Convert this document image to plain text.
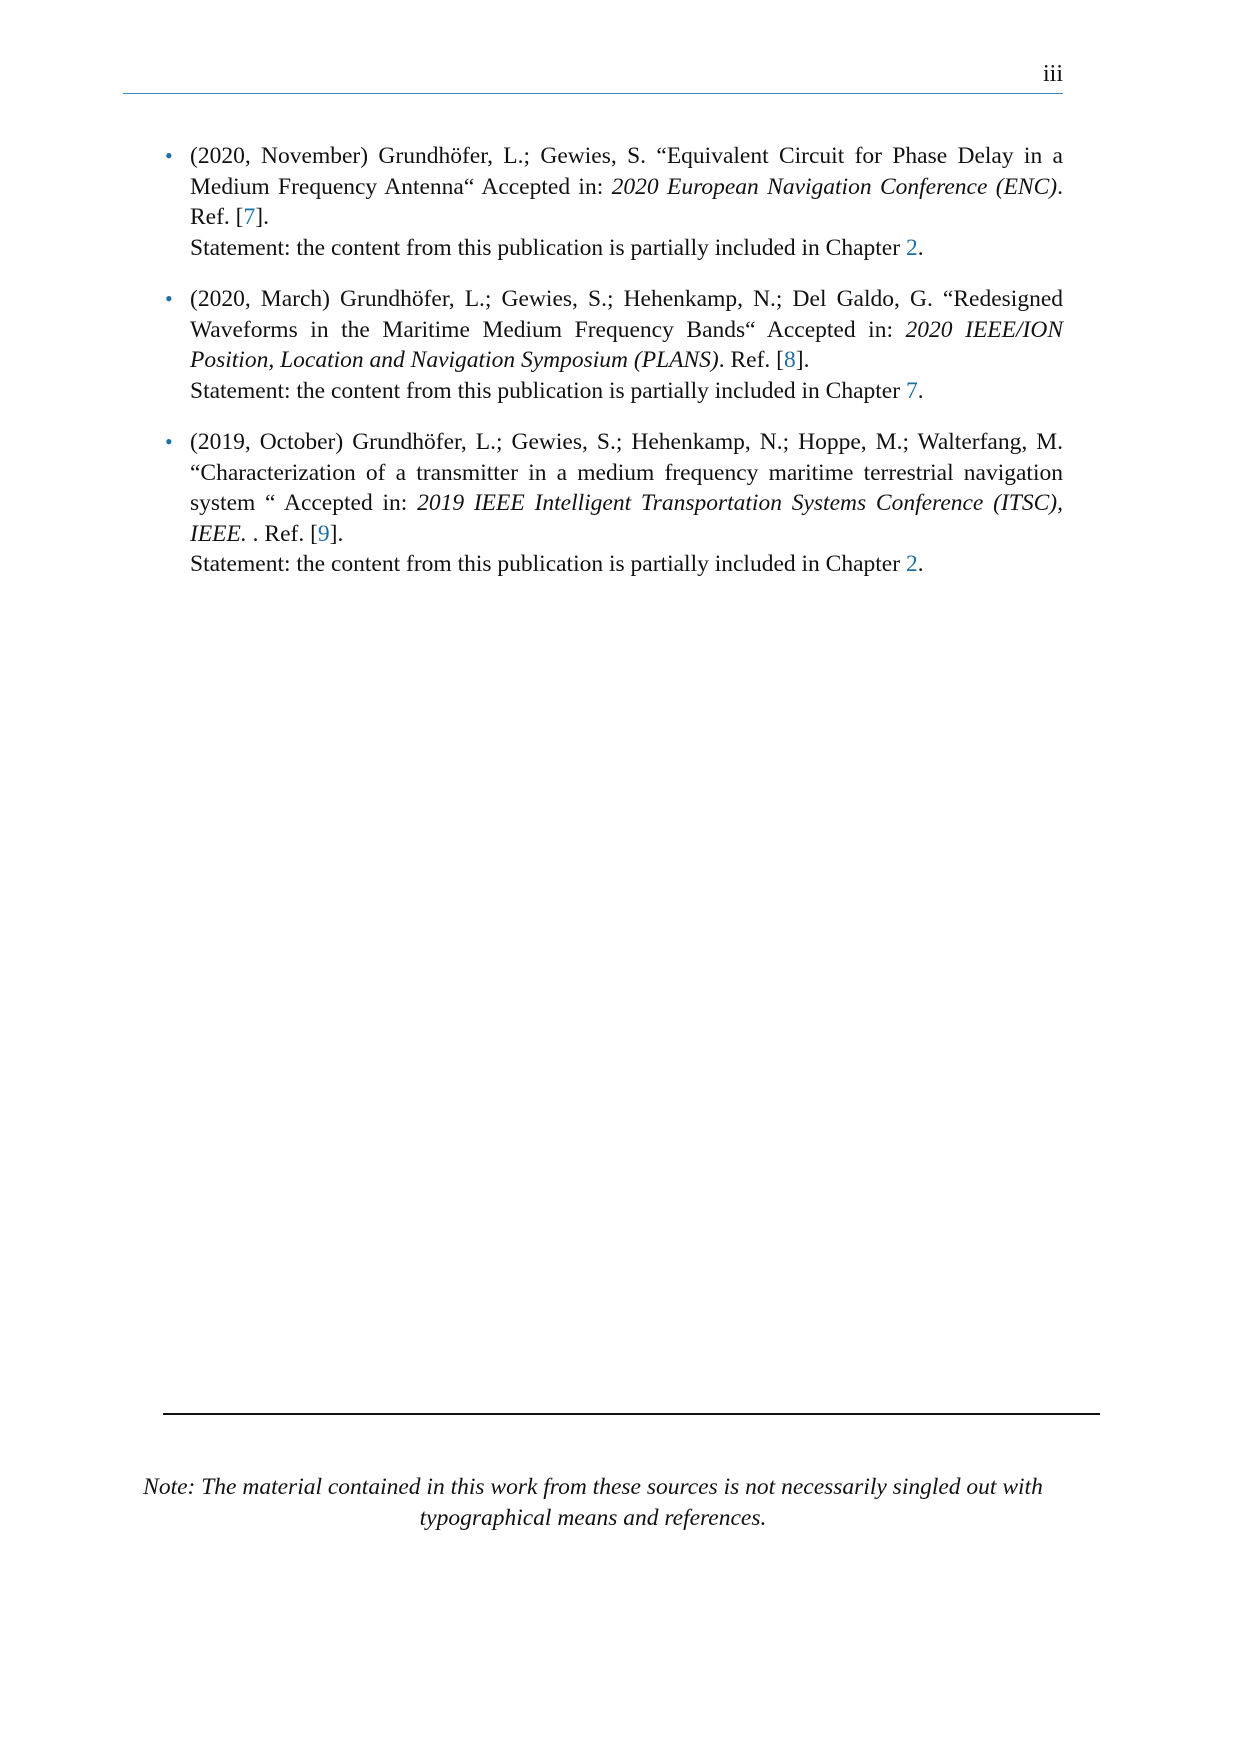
iii
• (2020, November) Grundhöfer, L.; Gewies, S. “Equivalent Circuit for Phase Delay in a Medium Frequency Antenna“ Accepted in: 2020 European Navigation Conference (ENC). Ref. [7].
Statement: the content from this publication is partially included in Chapter 2.
• (2020, March) Grundhöfer, L.; Gewies, S.; Hehenkamp, N.; Del Galdo, G. “Redesigned Waveforms in the Maritime Medium Frequency Bands“ Accepted in: 2020 IEEE/ION Position, Location and Navigation Symposium (PLANS). Ref. [8].
Statement: the content from this publication is partially included in Chapter 7.
• (2019, October) Grundhöfer, L.; Gewies, S.; Hehenkamp, N.; Hoppe, M.; Walterfang, M. “Characterization of a transmitter in a medium frequency maritime terrestrial navigation system “ Accepted in: 2019 IEEE Intelligent Transportation Systems Conference (ITSC), IEEE. . Ref. [9].
Statement: the content from this publication is partially included in Chapter 2.
Note: The material contained in this work from these sources is not necessarily singled out with typographical means and references.
